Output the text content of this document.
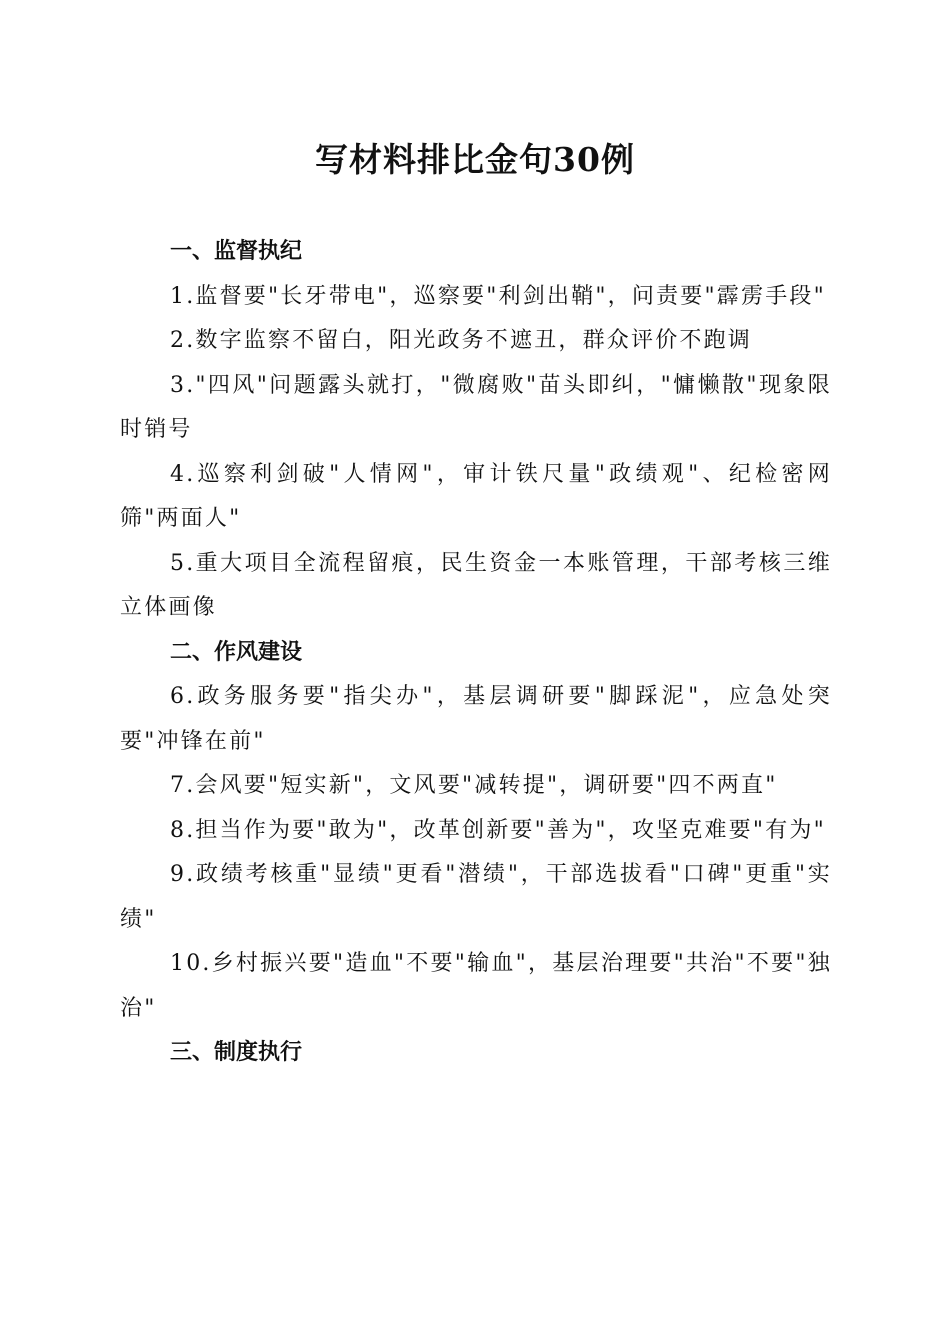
写材料排比金句30例
一、监督执纪

1.监督要"长牙带电"，巡察要"利剑出鞘"，问责要"霹雳手段"

2.数字监察不留白，阳光政务不遮丑，群众评价不跑调

3."四风"问题露头就打，"微腐败"苗头即纠，"慵懒散"现象限时销号

4.巡察利剑破"人情网"，审计铁尺量"政绩观"、纪检密网筛"两面人"

5.重大项目全流程留痕，民生资金一本账管理，干部考核三维立体画像

二、作风建设

6.政务服务要"指尖办"，基层调研要"脚踩泥"，应急处突要"冲锋在前"

7.会风要"短实新"，文风要"减转提"，调研要"四不两直"

8.担当作为要"敢为"，改革创新要"善为"，攻坚克难要"有为"

9.政绩考核重"显绩"更看"潜绩"，干部选拔看"口碑"更重"实绩"

10.乡村振兴要"造血"不要"输血"，基层治理要"共治"不要"独治"

三、制度执行
